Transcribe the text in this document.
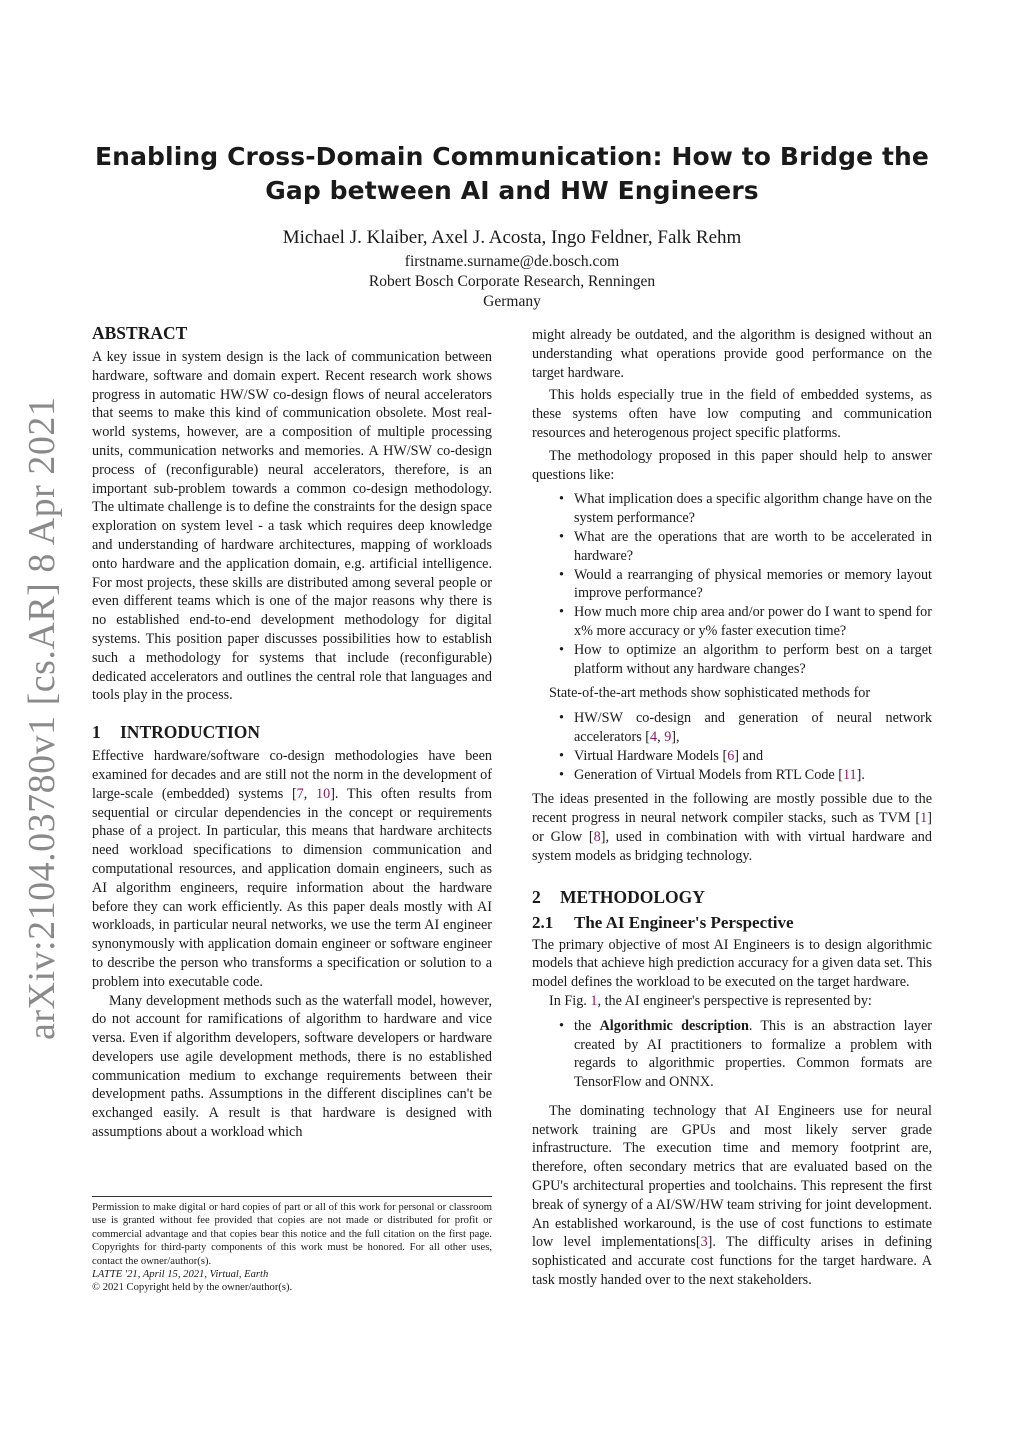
Enabling Cross-Domain Communication: How to Bridge the
Gap between AI and HW Engineers
Michael J. Klaiber, Axel J. Acosta, Ingo Feldner, Falk Rehm
firstname.surname@de.bosch.com
Robert Bosch Corporate Research, Renningen
Germany
arXiv:2104.03780v1 [cs.AR] 8 Apr 2021
ABSTRACT

A key issue in system design is the lack of communication between hardware, software and domain expert. Recent research work shows progress in automatic HW/SW co-design flows of neural accelerators that seems to make this kind of communication obsolete. Most real-world systems, however, are a composition of multiple processing units, communication networks and memories. A HW/SW co-design process of (reconfigurable) neural accelerators, therefore, is an important sub-problem towards a common co-design methodology. The ultimate challenge is to define the constraints for the design space exploration on system level - a task which requires deep knowledge and understanding of hardware architectures, mapping of workloads onto hardware and the application domain, e.g. artificial intelligence. For most projects, these skills are distributed among several people or even different teams which is one of the major reasons why there is no established end-to-end development methodology for digital systems. This position paper discusses possibilities how to establish such a methodology for systems that include (reconfigurable) dedicated accelerators and outlines the central role that languages and tools play in the process.

1 INTRODUCTION

Effective hardware/software co-design methodologies have been examined for decades and are still not the norm in the development of large-scale (embedded) systems [7, 10]. This often results from sequential or circular dependencies in the concept or requirements phase of a project. In particular, this means that hardware architects need workload specifications to dimension communication and computational resources, and application domain engineers, such as AI algorithm engineers, require information about the hardware before they can work efficiently. As this paper deals mostly with AI workloads, in particular neural networks, we use the term AI engineer synonymously with application domain engineer or software engineer to describe the person who transforms a specification or solution to a problem into executable code.

Many development methods such as the waterfall model, however, do not account for ramifications of algorithm to hardware and vice versa. Even if algorithm developers, software developers or hardware developers use agile development methods, there is no established communication medium to exchange requirements between their development paths. Assumptions in the different disciplines can't be exchanged easily. A result is that hardware is designed with assumptions about a workload which

Permission to make digital or hard copies of part or all of this work for personal or classroom use is granted without fee provided that copies are not made or distributed for profit or commercial advantage and that copies bear this notice and the full citation on the first page. Copyrights for third-party components of this work must be honored. For all other uses, contact the owner/author(s).

LATTE '21, April 15, 2021, Virtual, Earth

© 2021 Copyright held by the owner/author(s).

might already be outdated, and the algorithm is designed without an understanding what operations provide good performance on the target hardware.

This holds especially true in the field of embedded systems, as these systems often have low computing and communication resources and heterogenous project specific platforms.

The methodology proposed in this paper should help to answer questions like:

• What implication does a specific algorithm change have on the system performance?
• What are the operations that are worth to be accelerated in hardware?
• Would a rearranging of physical memories or memory layout improve performance?
• How much more chip area and/or power do I want to spend for x% more accuracy or y% faster execution time?
• How to optimize an algorithm to perform best on a target platform without any hardware changes?

State-of-the-art methods show sophisticated methods for

• HW/SW co-design and generation of neural network accelerators [4, 9],
• Virtual Hardware Models [6] and
• Generation of Virtual Models from RTL Code [11].

The ideas presented in the following are mostly possible due to the recent progress in neural network compiler stacks, such as TVM [1] or Glow [8], used in combination with with virtual hardware and system models as bridging technology.

2 METHODOLOGY
2.1 The AI Engineer's Perspective

The primary objective of most AI Engineers is to design algorithmic models that achieve high prediction accuracy for a given data set. This model defines the workload to be executed on the target hardware.

In Fig. 1, the AI engineer's perspective is represented by:

• the Algorithmic description. This is an abstraction layer created by AI practitioners to formalize a problem with regards to algorithmic properties. Common formats are TensorFlow and ONNX.

The dominating technology that AI Engineers use for neural network training are GPUs and most likely server grade infrastructure. The execution time and memory footprint are, therefore, often secondary metrics that are evaluated based on the GPU's architectural properties and toolchains. This represent the first break of synergy of a AI/SW/HW team striving for joint development. An established workaround, is the use of cost functions to estimate low level implementations[3]. The difficulty arises in defining sophisticated and accurate cost functions for the target hardware. A task mostly handed over to the next stakeholders.
